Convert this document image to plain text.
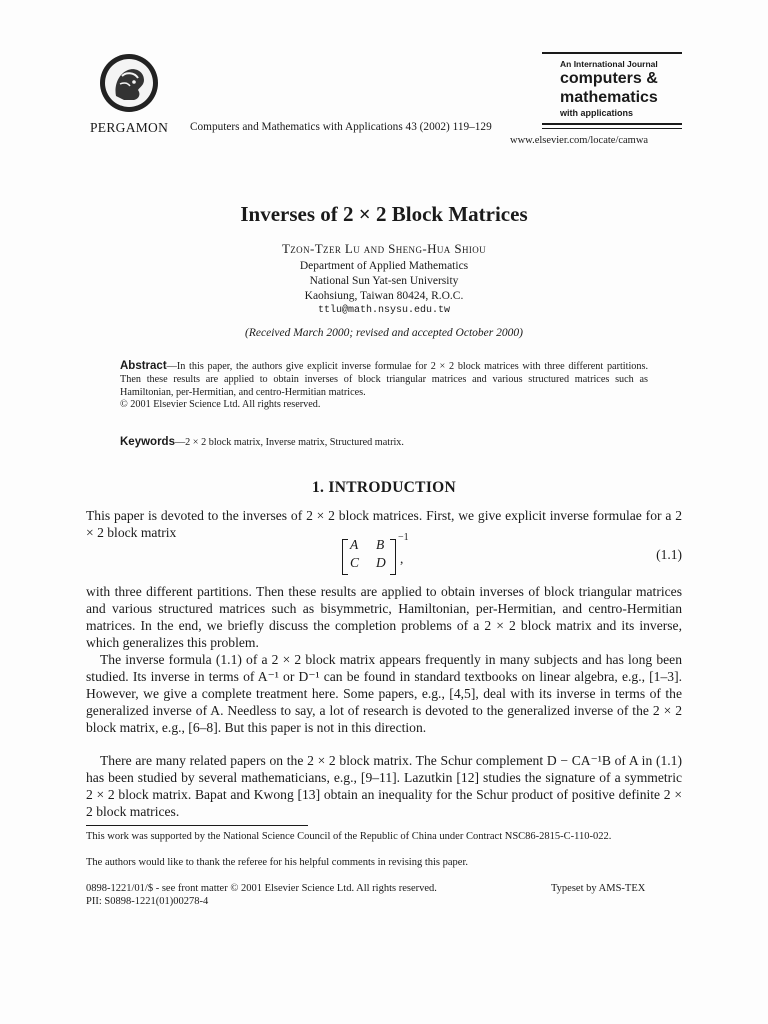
PERGAMON Computers and Mathematics with Applications 43 (2002) 119–129
An International Journal
computers &
mathematics
with applications
www.elsevier.com/locate/camwa
Inverses of 2 × 2 Block Matrices
Tzon-Tzer Lu and Sheng-Hua Shiou
Department of Applied Mathematics
National Sun Yat-sen University
Kaohsiung, Taiwan 80424, R.O.C.
ttlu@math.nsysu.edu.tw
(Received March 2000; revised and accepted October 2000)
Abstract—In this paper, the authors give explicit inverse formulae for 2 × 2 block matrices with three different partitions. Then these results are applied to obtain inverses of block triangular matrices and various structured matrices such as Hamiltonian, per-Hermitian, and centro-Hermitian matrices.
© 2001 Elsevier Science Ltd. All rights reserved.
Keywords—2 × 2 block matrix, Inverse matrix, Structured matrix.
1. INTRODUCTION
This paper is devoted to the inverses of 2 × 2 block matrices. First, we give explicit inverse formulae for a 2 × 2 block matrix
A B
C D
−1
,	(1.1)
with three different partitions. Then these results are applied to obtain inverses of block triangular matrices and various structured matrices such as bisymmetric, Hamiltonian, per-Hermitian, and centro-Hermitian matrices. In the end, we briefly discuss the completion problems of a 2 × 2 block matrix and its inverse, which generalizes this problem.
The inverse formula (1.1) of a 2 × 2 block matrix appears frequently in many subjects and has long been studied. Its inverse in terms of A⁻¹ or D⁻¹ can be found in standard textbooks on linear algebra, e.g., [1–3]. However, we give a complete treatment here. Some papers, e.g., [4,5], deal with its inverse in terms of the generalized inverse of A. Needless to say, a lot of research is devoted to the generalized inverse of the 2 × 2 block matrix, e.g., [6–8]. But this paper is not in this direction.
There are many related papers on the 2 × 2 block matrix. The Schur complement D − CA⁻¹B of A in (1.1) has been studied by several mathematicians, e.g., [9–11]. Lazutkin [12] studies the signature of a symmetric 2 × 2 block matrix. Bapat and Kwong [13] obtain an inequality for the Schur product of positive definite 2 × 2 block matrices.
This work was supported by the National Science Council of the Republic of China under Contract NSC86-2815-C-110-022.
The authors would like to thank the referee for his helpful comments in revising this paper.
0898-1221/01/$ - see front matter © 2001 Elsevier Science Ltd. All rights reserved.	Typeset by AMS-TEX
PII: S0898-1221(01)00278-4
